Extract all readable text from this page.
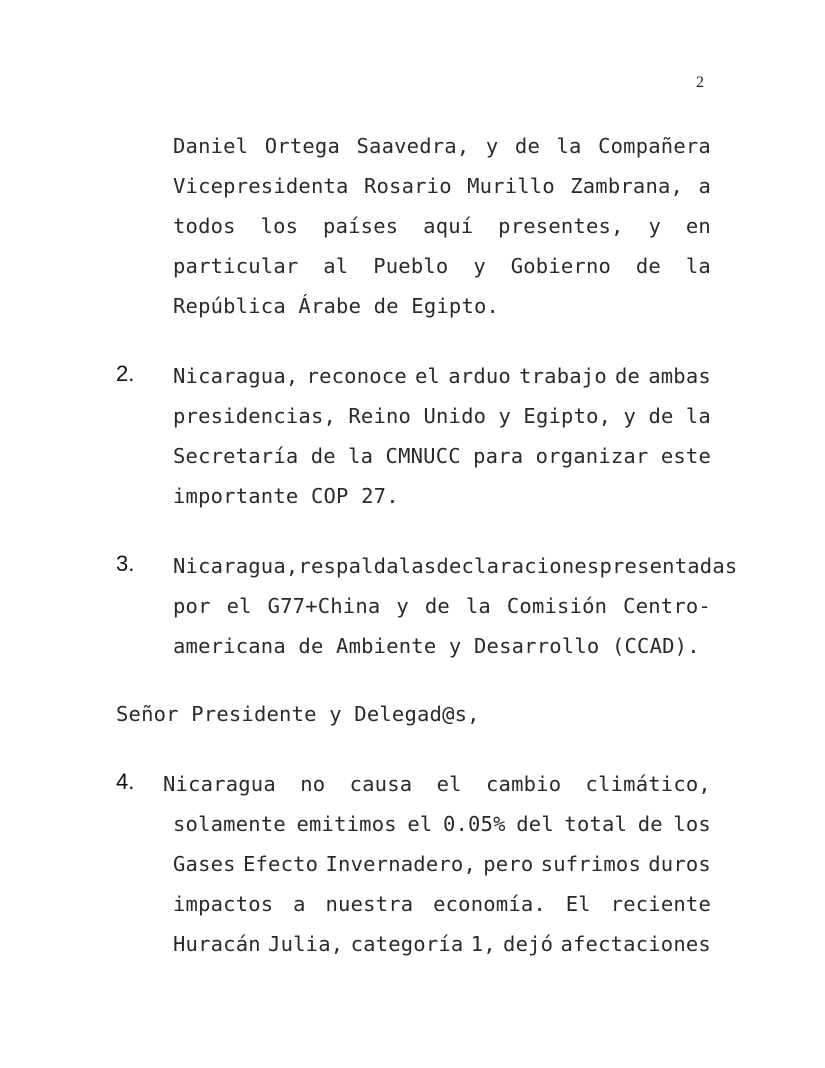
2
Daniel Ortega Saavedra, y de la Compañera
Vicepresidenta Rosario Murillo Zambrana, a
todos los países aquí presentes, y en
particular al Pueblo y Gobierno de la
República Árabe de Egipto.
2. Nicaragua, reconoce el arduo trabajo de ambas
presidencias, Reino Unido y Egipto, y de la
Secretaría de la CMNUCC para organizar este
importante COP 27.
3. Nicaragua, respalda las declaraciones presentadas
por el G77+China y de la Comisión Centro-
americana de Ambiente y Desarrollo (CCAD).
Señor Presidente y Delegad@s,
4. Nicaragua no causa el cambio climático,
solamente emitimos el 0.05% del total de los
Gases Efecto Invernadero, pero sufrimos duros
impactos a nuestra economía. El reciente
Huracán Julia, categoría 1, dejó afectaciones
